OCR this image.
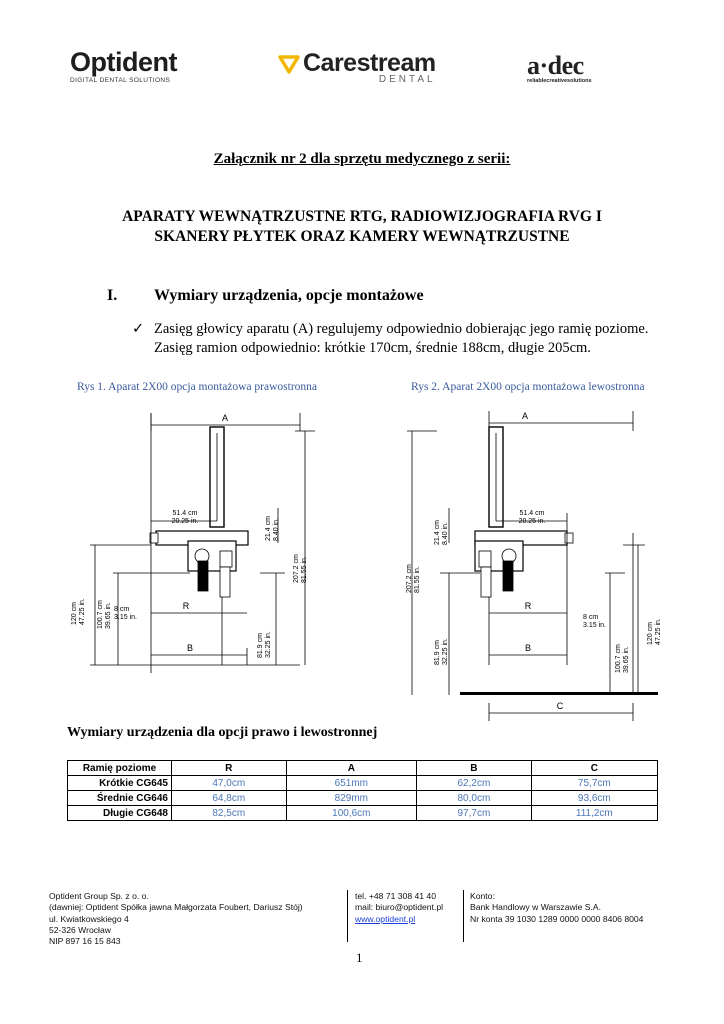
Optident
DIGITAL DENTAL SOLUTIONS
Carestream
DENTAL	a·dec
reliablecreativesolutions
Załącznik nr 2 dla sprzętu medycznego z serii:
APARATY WEWNĄTRZUSTNE RTG, RADIOWIZJOGRAFIA RVG I
SKANERY PŁYTEK ORAZ KAMERY WEWNĄTRZUSTNE
I. Wymiary urządzenia, opcje montażowe
✓ Zasięg głowicy aparatu (A) regulujemy odpowiednio dobierając jego ramię poziome.
Zasięg ramion odpowiednio: krótkie 170cm, średnie 188cm, długie 205cm.
Rys 1. Aparat 2X00 opcja montażowa prawostronna	Rys 2. Aparat 2X00 opcja montażowa lewostronna
A
51.4 cm
20.25 in.
R
B
8 cm
3.15 in.
120 cm 47.25 in. 100.7 cm 39.65 in.
21.4 cm 8.40 in.
207.2 cm 81.55 in.
81.9 cm 32.25 in.
A
51.4 cm
20.25 in.
R
B
C
8 cm
3.15 in.
207.2 cm 81.55 in.
21.4 cm 8.40 in.
81.9 cm 32.25 in.	100.7 cm 39.65 in.
120 cm 47.25 in.
Wymiary urządzenia dla opcji prawo i lewostronnej
Ramię poziome	R	A	B	C
Krótkie CG645	47,0cm	651mm	62,2cm	75,7cm
Średnie CG646	64,8cm	829mm	80,0cm	93,6cm
Długie CG648	82,5cm	100,6cm	97,7cm	111,2cm
Optident Group Sp. z o. o.
(dawniej: Optident Spółka jawna Małgorzata Foubert, Dariusz Stój)
ul. Kwiatkowskiego 4
52-326 Wrocław
NIP 897 16 15 843
tel. +48 71 308 41 40
mail: biuro@optident.pl
www.optident.pl
Konto:
Bank Handlowy w Warszawie S.A.
Nr konta 39 1030 1289 0000 0000 8406 8004
1
